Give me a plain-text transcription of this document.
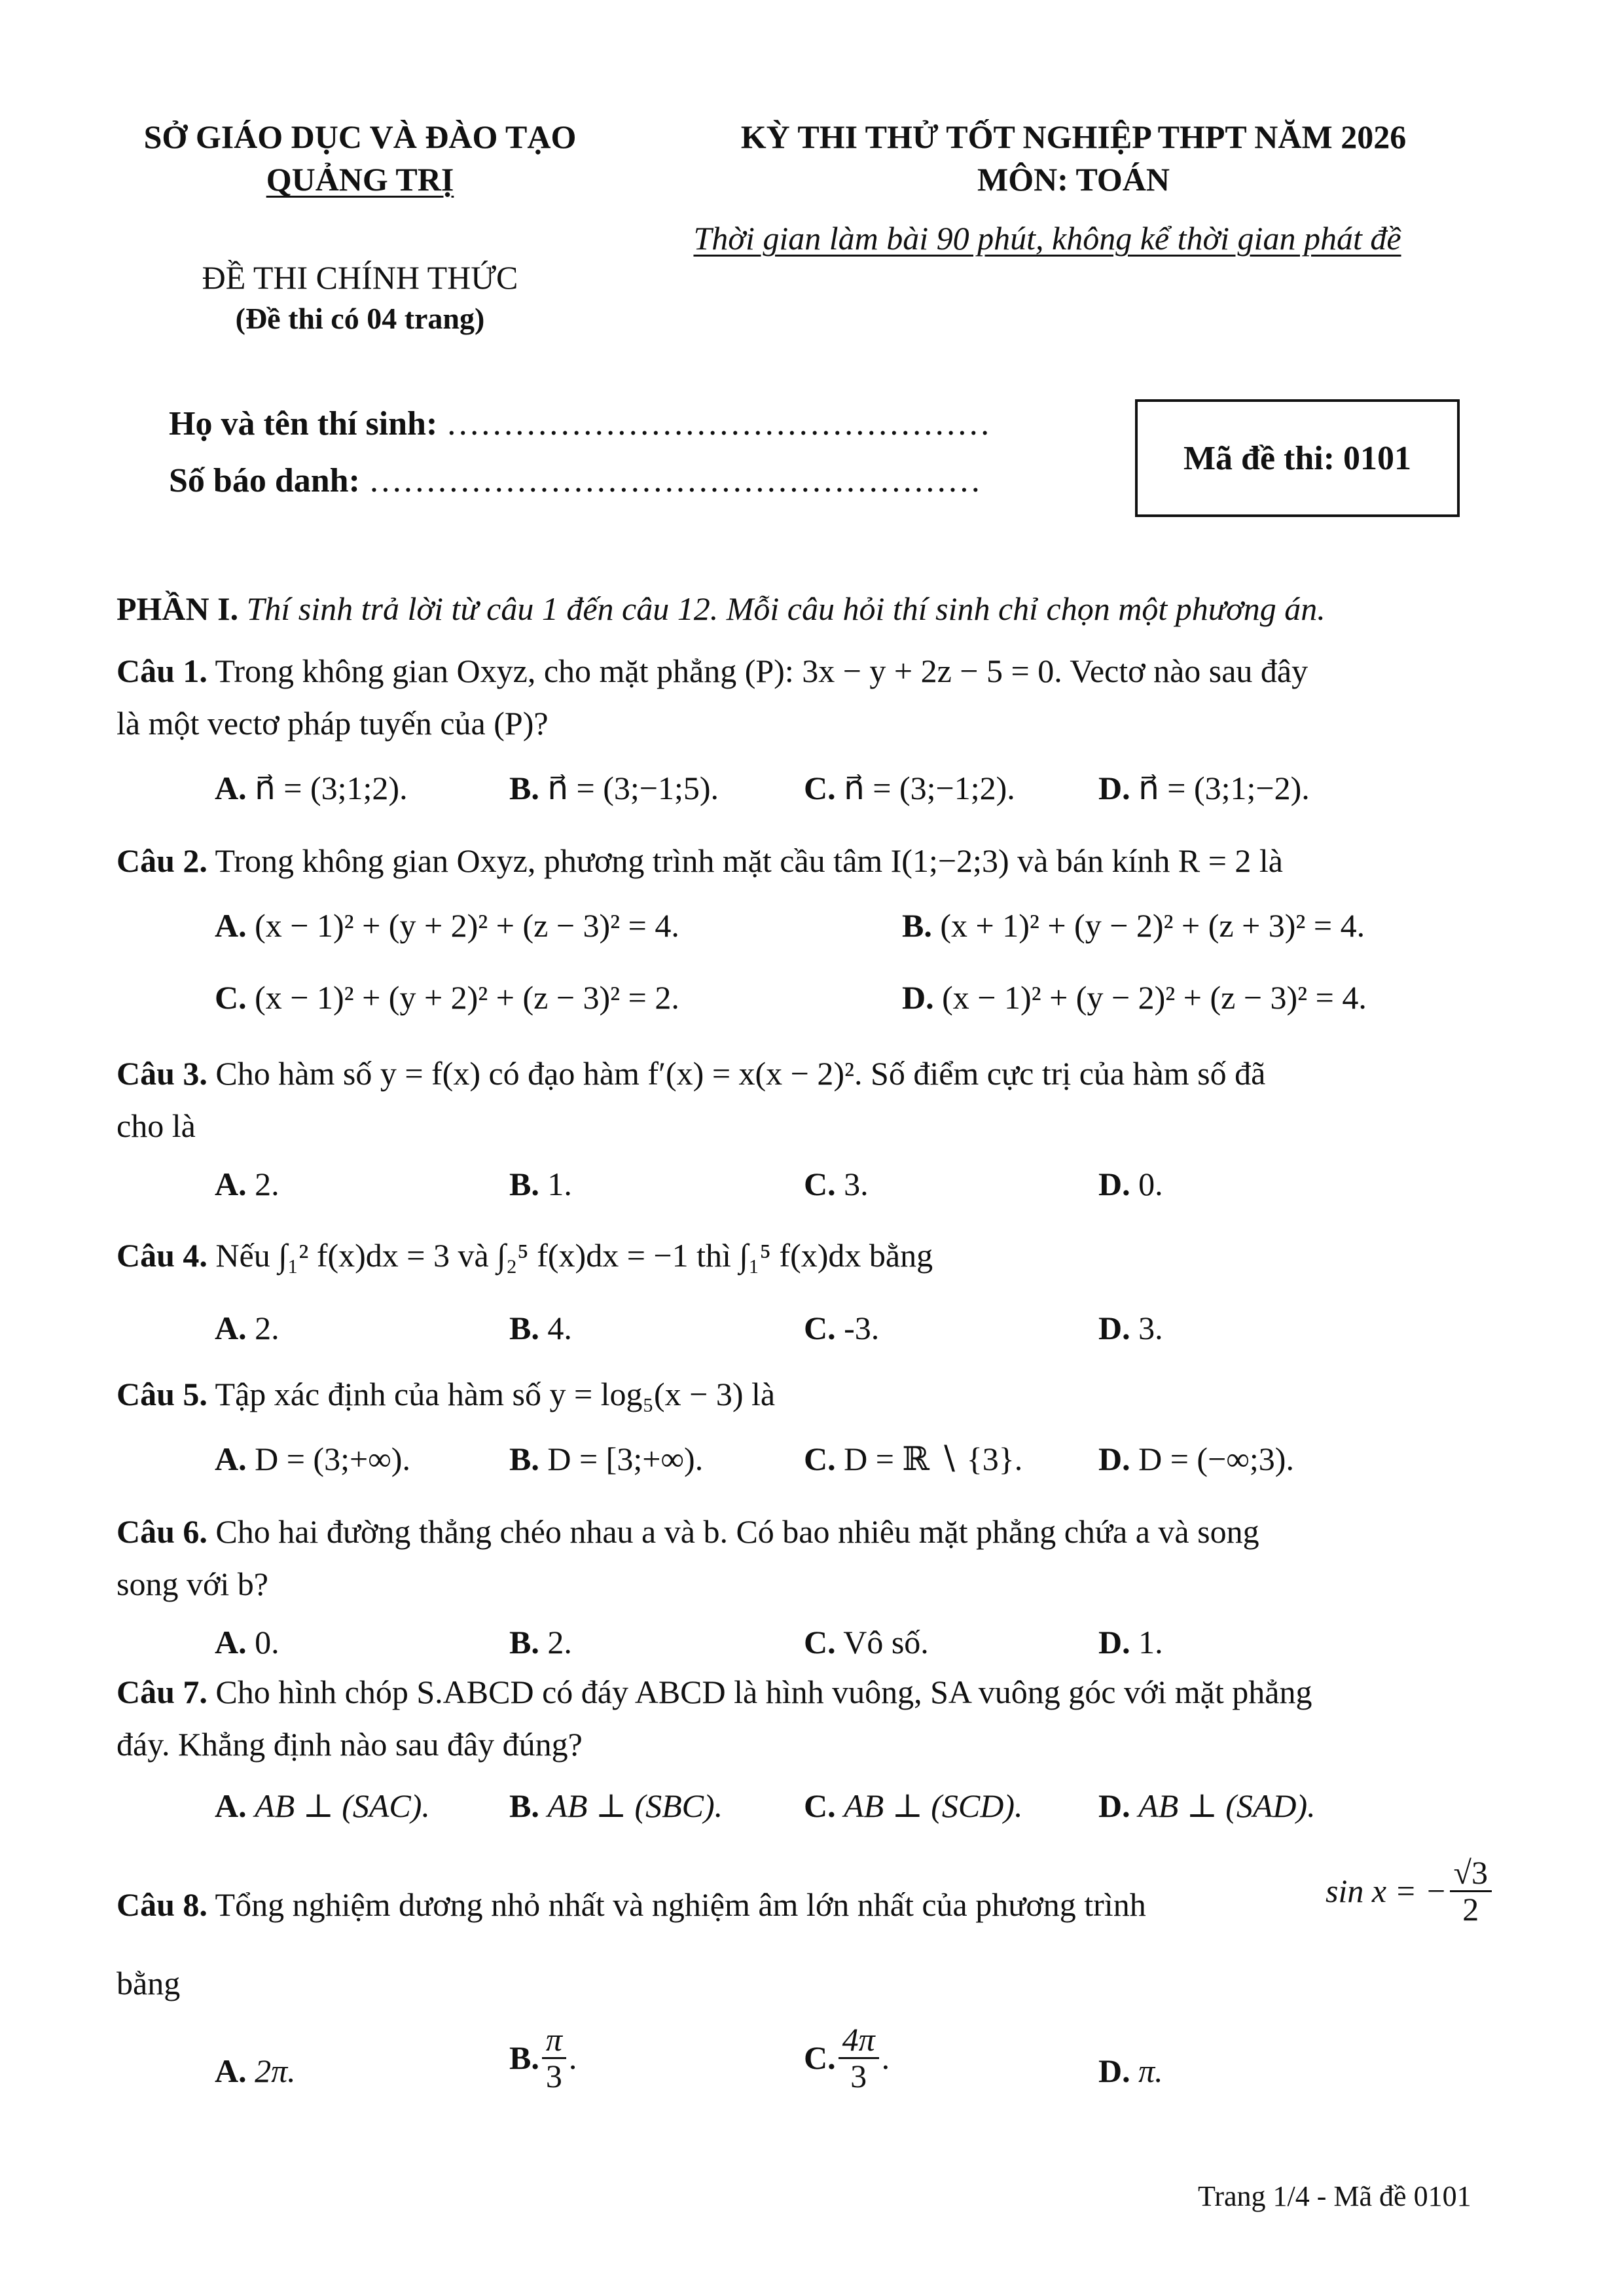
SỞ GIÁO DỤC VÀ ĐÀO TẠO
QUẢNG TRỊ
ĐỀ THI CHÍNH THỨC
(Đề thi có 04 trang)
KỲ THI THỬ TỐT NGHIỆP THPT NĂM 2026
MÔN: TOÁN
Thời gian làm bài 90 phút, không kể thời gian phát đề
Họ và tên thí sinh: …………………………………………
Số báo danh: ………………………………………………
Mã đề thi: 0101
PHẦN I. Thí sinh trả lời từ câu 1 đến câu 12. Mỗi câu hỏi thí sinh chỉ chọn một phương án.
Câu 1. Trong không gian Oxyz, cho mặt phẳng (P): 3x − y + 2z − 5 = 0. Vectơ nào sau đây
là một vectơ pháp tuyến của (P)?
A. n⃗ = (3;1;2).	B. n⃗ = (3;−1;5).	C. n⃗ = (3;−1;2).	D. n⃗ = (3;1;−2).
Câu 2. Trong không gian Oxyz, phương trình mặt cầu tâm I(1;−2;3) và bán kính R = 2 là
A. (x − 1)² + (y + 2)² + (z − 3)² = 4.	B. (x + 1)² + (y − 2)² + (z + 3)² = 4.
C. (x − 1)² + (y + 2)² + (z − 3)² = 2.	D. (x − 1)² + (y − 2)² + (z − 3)² = 4.
Câu 3. Cho hàm số y = f(x) có đạo hàm f′(x) = x(x − 2)². Số điểm cực trị của hàm số đã
cho là
A. 2.	B. 1.	C. 3.	D. 0.
Câu 4. Nếu ∫₁² f(x)dx = 3 và ∫₂⁵ f(x)dx = −1 thì ∫₁⁵ f(x)dx bằng
A. 2.	B. 4.	C. -3.	D. 3.
Câu 5. Tập xác định của hàm số y = log₅(x − 3) là
A. D = (3;+∞).	B. D = [3;+∞).	C. D = ℝ ∖ {3}. D. D = (−∞;3).
Câu 6. Cho hai đường thẳng chéo nhau a và b. Có bao nhiêu mặt phẳng chứa a và song
song với b?
A. 0.	B. 2.	C. Vô số.	D. 1.
Câu 7. Cho hình chóp S.ABCD có đáy ABCD là hình vuông, SA vuông góc với mặt phẳng
đáy. Khẳng định nào sau đây đúng?
A. AB ⊥ (SAC). B. AB ⊥ (SBC). C. AB ⊥ (SCD). D. AB ⊥ (SAD).
Câu 8. Tổng nghiệm dương nhỏ nhất và nghiệm âm lớn nhất của phương trình	sin x = − $\frac{√3}{2}$
bằng
A. 2π.	B. $\frac{\pi}{3}$ .	C. $\frac{4\pi}{3}$ .	D. π.
Trang 1/4 - Mã đề 0101
